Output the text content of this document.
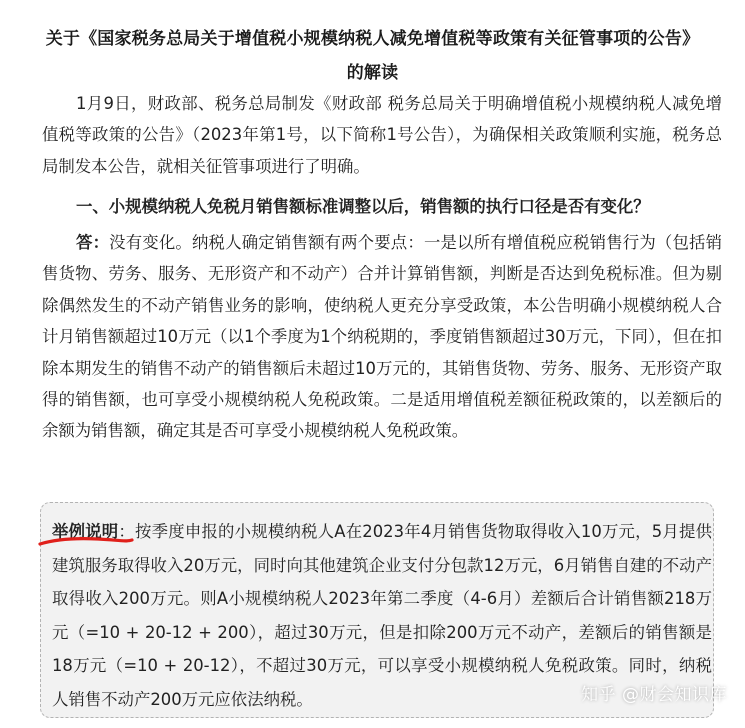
关于《国家税务总局关于增值税小规模纳税人减免增值税等政策有关征管事项的公告》
的解读

1月9日，财政部、税务总局制发《财政部 税务总局关于明确增值税小规模纳税人减免增值税等政策的公告》（2023年第1号，以下简称1号公告），为确保相关政策顺利实施，税务总局制发本公告，就相关征管事项进行了明确。

一、小规模纳税人免税月销售额标准调整以后，销售额的执行口径是否有变化？

答：没有变化。纳税人确定销售额有两个要点：一是以所有增值税应税销售行为（包括销售货物、劳务、服务、无形资产和不动产）合并计算销售额，判断是否达到免税标准。但为剔除偶然发生的不动产销售业务的影响，使纳税人更充分享受政策，本公告明确小规模纳税人合计月销售额超过10万元（以1个季度为1个纳税期的，季度销售额超过30万元，下同），但在扣除本期发生的销售不动产的销售额后未超过10万元的，其销售货物、劳务、服务、无形资产取得的销售额，也可享受小规模纳税人免税政策。二是适用增值税差额征税政策的，以差额后的余额为销售额，确定其是否可享受小规模纳税人免税政策。

举例说明：按季度申报的小规模纳税人A在2023年4月销售货物取得收入10万元，5月提供建筑服务取得收入20万元，同时向其他建筑企业支付分包款12万元，6月销售自建的不动产取得收入200万元。则A小规模纳税人2023年第二季度（4-6月）差额后合计销售额218万元（=10 + 20-12 + 200），超过30万元，但是扣除200万元不动产，差额后的销售额是18万元（=10 + 20-12），不超过30万元，可以享受小规模纳税人免税政策。同时，纳税人销售不动产200万元应依法纳税。	知乎 @财会知识库
